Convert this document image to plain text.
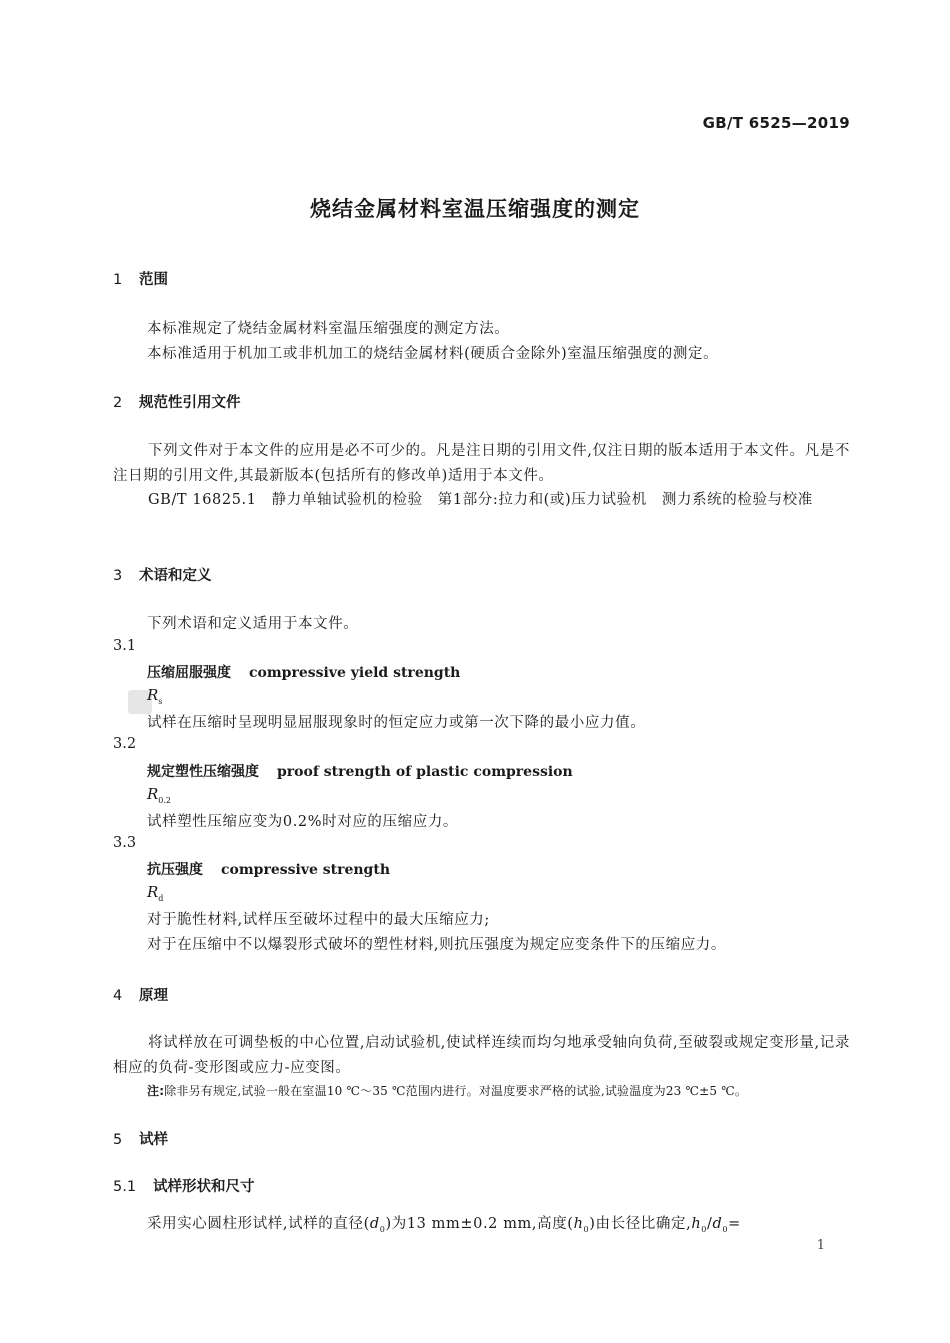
GB/T 6525—2019
烧结金属材料室温压缩强度的测定
1 范围
本标准规定了烧结金属材料室温压缩强度的测定方法。
本标准适用于机加工或非机加工的烧结金属材料(硬质合金除外)室温压缩强度的测定。
2 规范性引用文件
下列文件对于本文件的应用是必不可少的。凡是注日期的引用文件,仅注日期的版本适用于本文件。凡是不注日期的引用文件,其最新版本(包括所有的修改单)适用于本文件。
GB/T 16825.1　静力单轴试验机的检验　第1部分:拉力和(或)压力试验机　测力系统的检验与校准
3 术语和定义
下列术语和定义适用于本文件。
3.1
压缩屈服强度 compressive yield strength
$R_s$
试样在压缩时呈现明显屈服现象时的恒定应力或第一次下降的最小应力值。
3.2
规定塑性压缩强度 proof strength of plastic compression
$R_{0.2}$
试样塑性压缩应变为0.2%时对应的压缩应力。
3.3
抗压强度 compressive strength
$R_d$
对于脆性材料,试样压至破坏过程中的最大压缩应力;
对于在压缩中不以爆裂形式破坏的塑性材料,则抗压强度为规定应变条件下的压缩应力。
4 原理
将试样放在可调垫板的中心位置,启动试验机,使试样连续而均匀地承受轴向负荷,至破裂或规定变形量,记录相应的负荷-变形图或应力-应变图。
注:除非另有规定,试验一般在室温10 ℃～35 ℃范围内进行。对温度要求严格的试验,试验温度为23 ℃±5 ℃。
5 试样
5.1 试样形状和尺寸
采用实心圆柱形试样,试样的直径$(d_0)$为13 mm±0.2 mm,高度$(h_0)$由长径比确定$,h_0/d_0=$
1
